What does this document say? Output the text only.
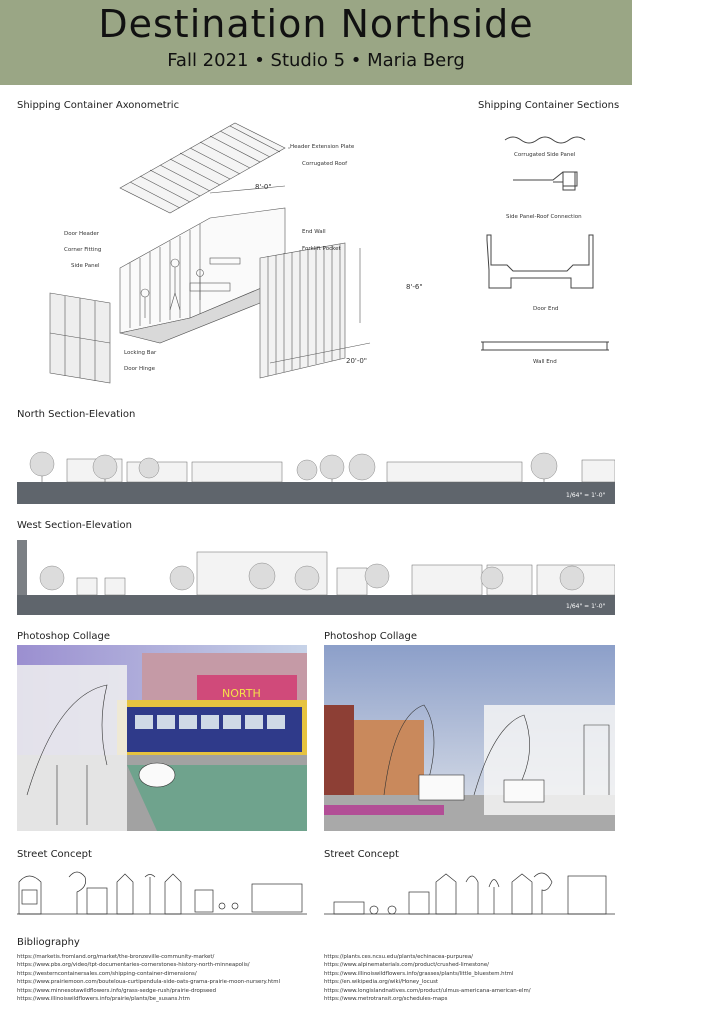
Destination Northside
Fall 2021 • Studio 5 • Maria Berg
Shipping Container Axonometric
Header Extension Plate
Corrugated Roof
Door Header
Corner Fitting
Side Panel
End Wall
Forklift Pocket
Locking Bar
Door Hinge
8'-0"
8'-6"
20'-0"
Shipping Container Sections
Corrugated Side Panel
Side Panel-Roof Connection
Door End
Wall End
North Section-Elevation
1/64" = 1'-0"
West Section-Elevation
1/64" = 1'-0"
Photoshop Collage	Photoshop Collage
NORTH
Street Concept	Street Concept
Bibliography
https://marketis.fromland.org/market/the-bronzeville-community-market/
https://www.pbs.org/video/tpt-documentaries-cornerstones-history-north-minneapolis/
https://westerncontainersales.com/shipping-container-dimensions/
https://www.prairiemoon.com/bouteloua-curtipendula-side-oats-grama-prairie-moon-nursery.html
https://www.minnesotawildflowers.info/grass-sedge-rush/prairie-dropseed
https://www.illinoiswildflowers.info/prairie/plants/be_susans.htm
https://plants.ces.ncsu.edu/plants/echinacea-purpurea/
https://www.alpinematerials.com/product/crushed-limestone/
https://www.illinoiswildflowers.info/grasses/plants/little_bluestem.html
https://en.wikipedia.org/wiki/Honey_locust
https://www.longislandnatives.com/product/ulmus-americana-american-elm/
https://www.metrotransit.org/schedules-maps
